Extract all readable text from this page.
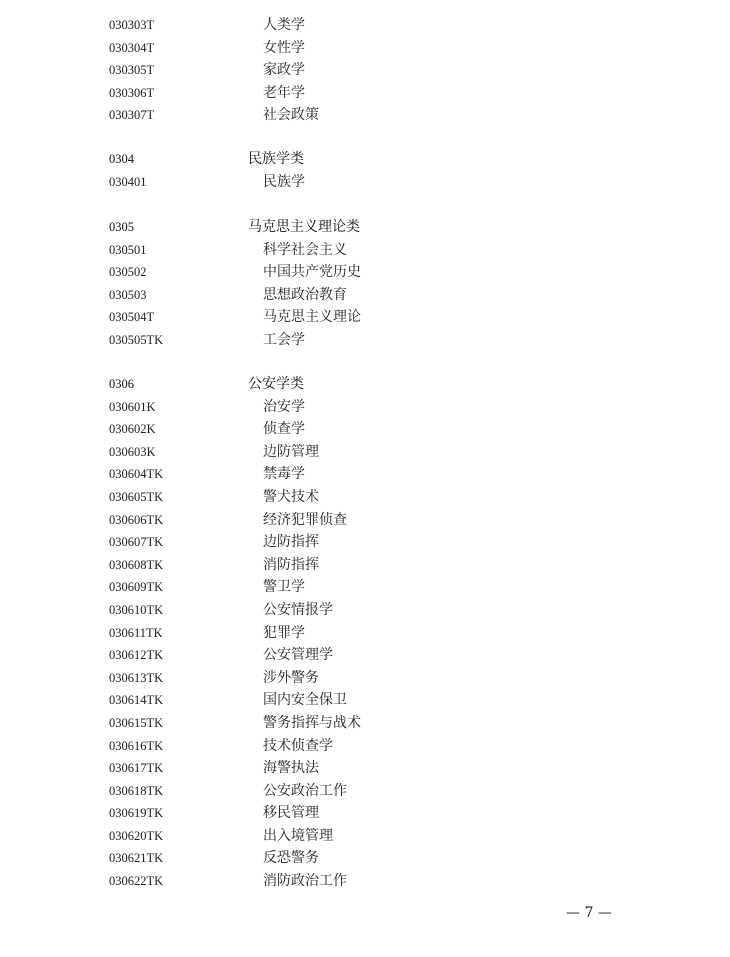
030303T	人类学
030304T	女性学
030305T	家政学
030306T	老年学
030307T	社会政策
0304	民族学类
030401	民族学
0305	马克思主义理论类
030501	科学社会主义
030502	中国共产党历史
030503	思想政治教育
030504T	马克思主义理论
030505TK	工会学
0306	公安学类
030601K	治安学
030602K	侦查学
030603K	边防管理
030604TK	禁毒学
030605TK	警犬技术
030606TK	经济犯罪侦查
030607TK	边防指挥
030608TK	消防指挥
030609TK	警卫学
030610TK	公安情报学
030611TK	犯罪学
030612TK	公安管理学
030613TK	涉外警务
030614TK	国内安全保卫
030615TK	警务指挥与战术
030616TK	技术侦查学
030617TK	海警执法
030618TK	公安政治工作
030619TK	移民管理
030620TK	出入境管理
030621TK	反恐警务
030622TK	消防政治工作
— 7 —
